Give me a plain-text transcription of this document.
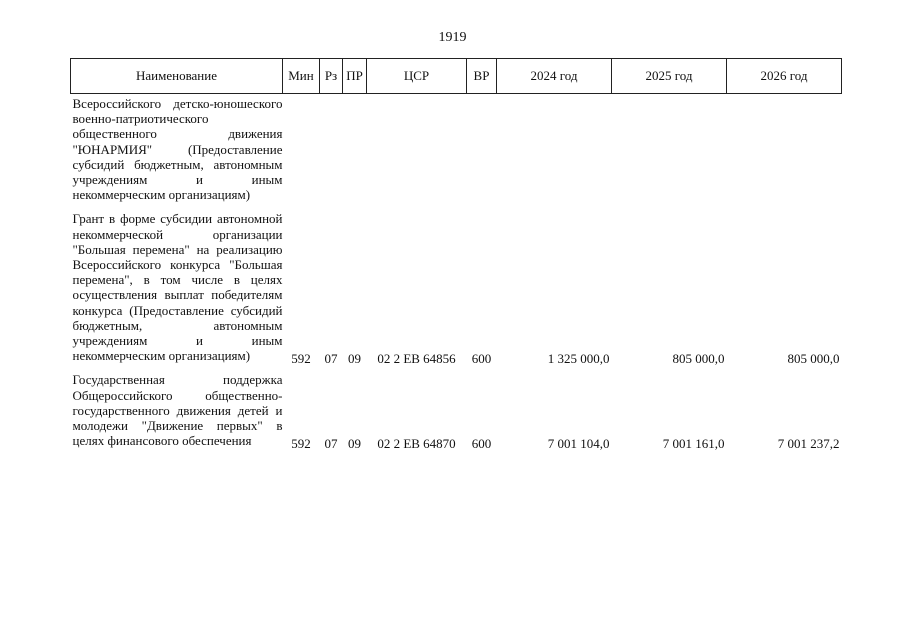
1919
Наименование	Мин	Рз	ПР	ЦСР	ВР	2024 год	2025 год	2026 год
Всероссийского детско-юношеского военно-патриотического общественного движения "ЮНАРМИЯ" (Предоставление субсидий бюджетным, автономным учреждениям и иным некоммерческим организациям)								

Грант в форме субсидии автономной некоммерческой организации "Большая перемена" на реализацию Всероссийского конкурса "Большая перемена", в том числе в целях осуществления выплат победителям конкурса (Предоставление субсидий бюджетным, автономным учреждениям и иным некоммерческим организациям)	592	07	09	02 2 ЕВ 64856	600	1 325 000,0	805 000,0	805 000,0

Государственная поддержка Общероссийского общественно-государственного движения детей и молодежи "Движение первых" в целях финансового обеспечения	592	07	09	02 2 ЕВ 64870	600	7 001 104,0	7 001 161,0	7 001 237,2
